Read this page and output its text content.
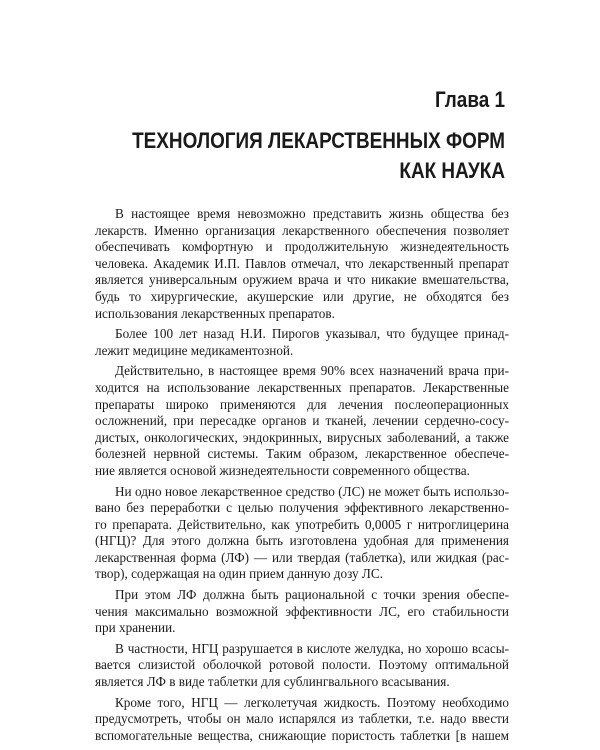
Глава 1
ТЕХНОЛОГИЯ ЛЕКАРСТВЕННЫХ ФОРМ
КАК НАУКА
В настоящее время невозможно представить жизнь общества без
лекарств. Именно организация лекарственного обеспечения позволяет
обеспечивать комфортную и продолжительную жизнедеятельность
человека. Академик И.П. Павлов отмечал, что лекарственный препарат
является универсальным оружием врача и что никакие вмешательства,
будь то хирургические, акушерские или другие, не обходятся без
использования лекарственных препаратов.
Более 100 лет назад Н.И. Пирогов указывал, что будущее принад-
лежит медицине медикаментозной.
Действительно, в настоящее время 90% всех назначений врача при-
ходится на использование лекарственных препаратов. Лекарственные
препараты широко применяются для лечения послеоперационных
осложнений, при пересадке органов и тканей, лечении сердечно-сосу-
дистых, онкологических, эндокринных, вирусных заболеваний, а также
болезней нервной системы. Таким образом, лекарственное обеспече-
ние является основой жизнедеятельности современного общества.
Ни одно новое лекарственное средство (ЛС) не может быть использо-
вано без переработки с целью получения эффективного лекарственно-
го препарата. Действительно, как употребить 0,0005 г нитроглицерина
(НГЦ)? Для этого должна быть изготовлена удобная для применения
лекарственная форма (ЛФ) — или твердая (таблетка), или жидкая (рас-
твор), содержащая на один прием данную дозу ЛС.
При этом ЛФ должна быть рациональной с точки зрения обеспе-
чения максимально возможной эффективности ЛС, его стабильности
при хранении.
В частности, НГЦ разрушается в кислоте желудка, но хорошо всасы-
вается слизистой оболочкой ротовой полости. Поэтому оптимальной
является ЛФ в виде таблетки для сублингвального всасывания.
Кроме того, НГЦ — легколетучая жидкость. Поэтому необходимо
предусмотреть, чтобы он мало испарялся из таблетки, т.е. надо ввести
вспомогательные вещества, снижающие пористость таблетки [в нашем
